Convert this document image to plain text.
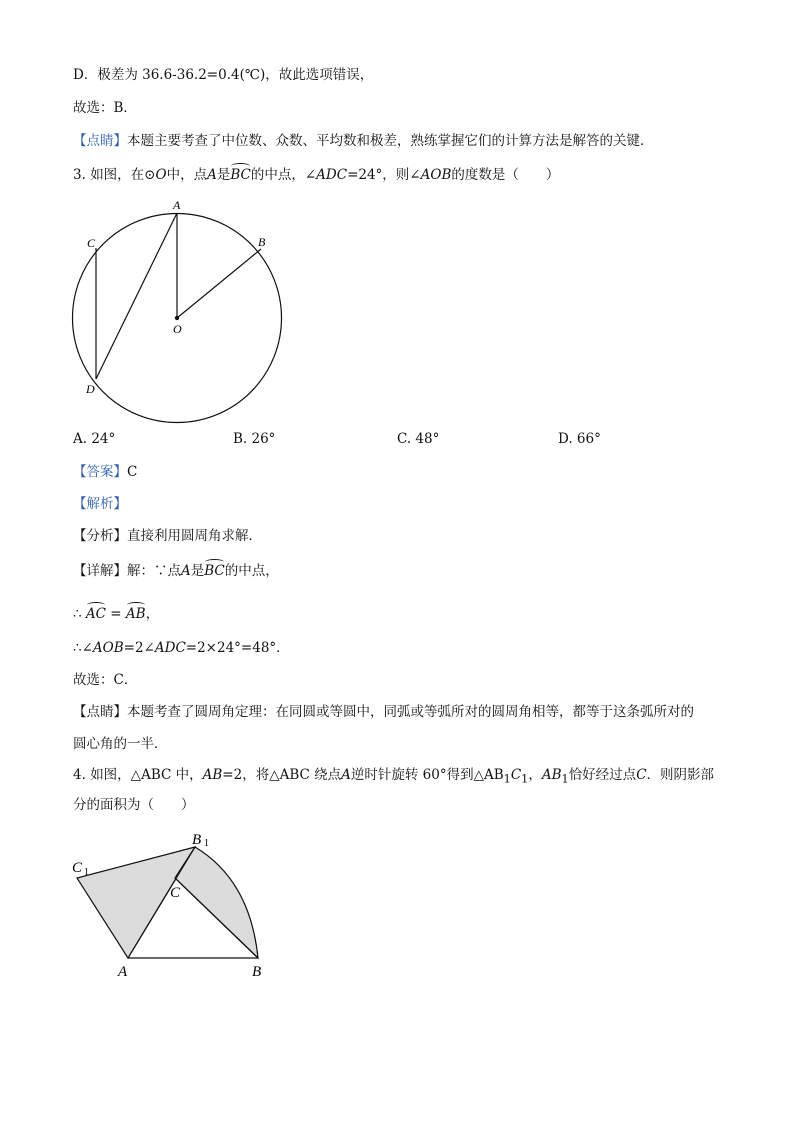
D．极差为 36.6-36.2=0.4(℃)，故此选项错误，
故选：B．
【点睛】本题主要考查了中位数、众数、平均数和极差，熟练掌握它们的计算方法是解答的关键．
3. 如图，在⊙O中，点A是BC的中点，∠ADC=24°，则∠AOB的度数是（　　）
A
B
C
D
O
A. 24°	B. 26°	C. 48°	D. 66°
【答案】C
【解析】
【分析】直接利用圆周角求解．
【详解】解：∵点A是BC的中点，
∴ AC = AB，
∴∠AOB=2∠ADC=2×24°=48°．
故选：C．
【点睛】本题考查了圆周角定理：在同圆或等圆中，同弧或等弧所对的圆周角相等，都等于这条弧所对的
圆心角的一半．
4. 如图，△ABC 中，AB=2，将△ABC 绕点A逆时针旋转 60°得到$\triangle AB_1C_1$，$AB_1$恰好经过点C．则阴影部
分的面积为（　　）
C 1
B 1
C
A	B
